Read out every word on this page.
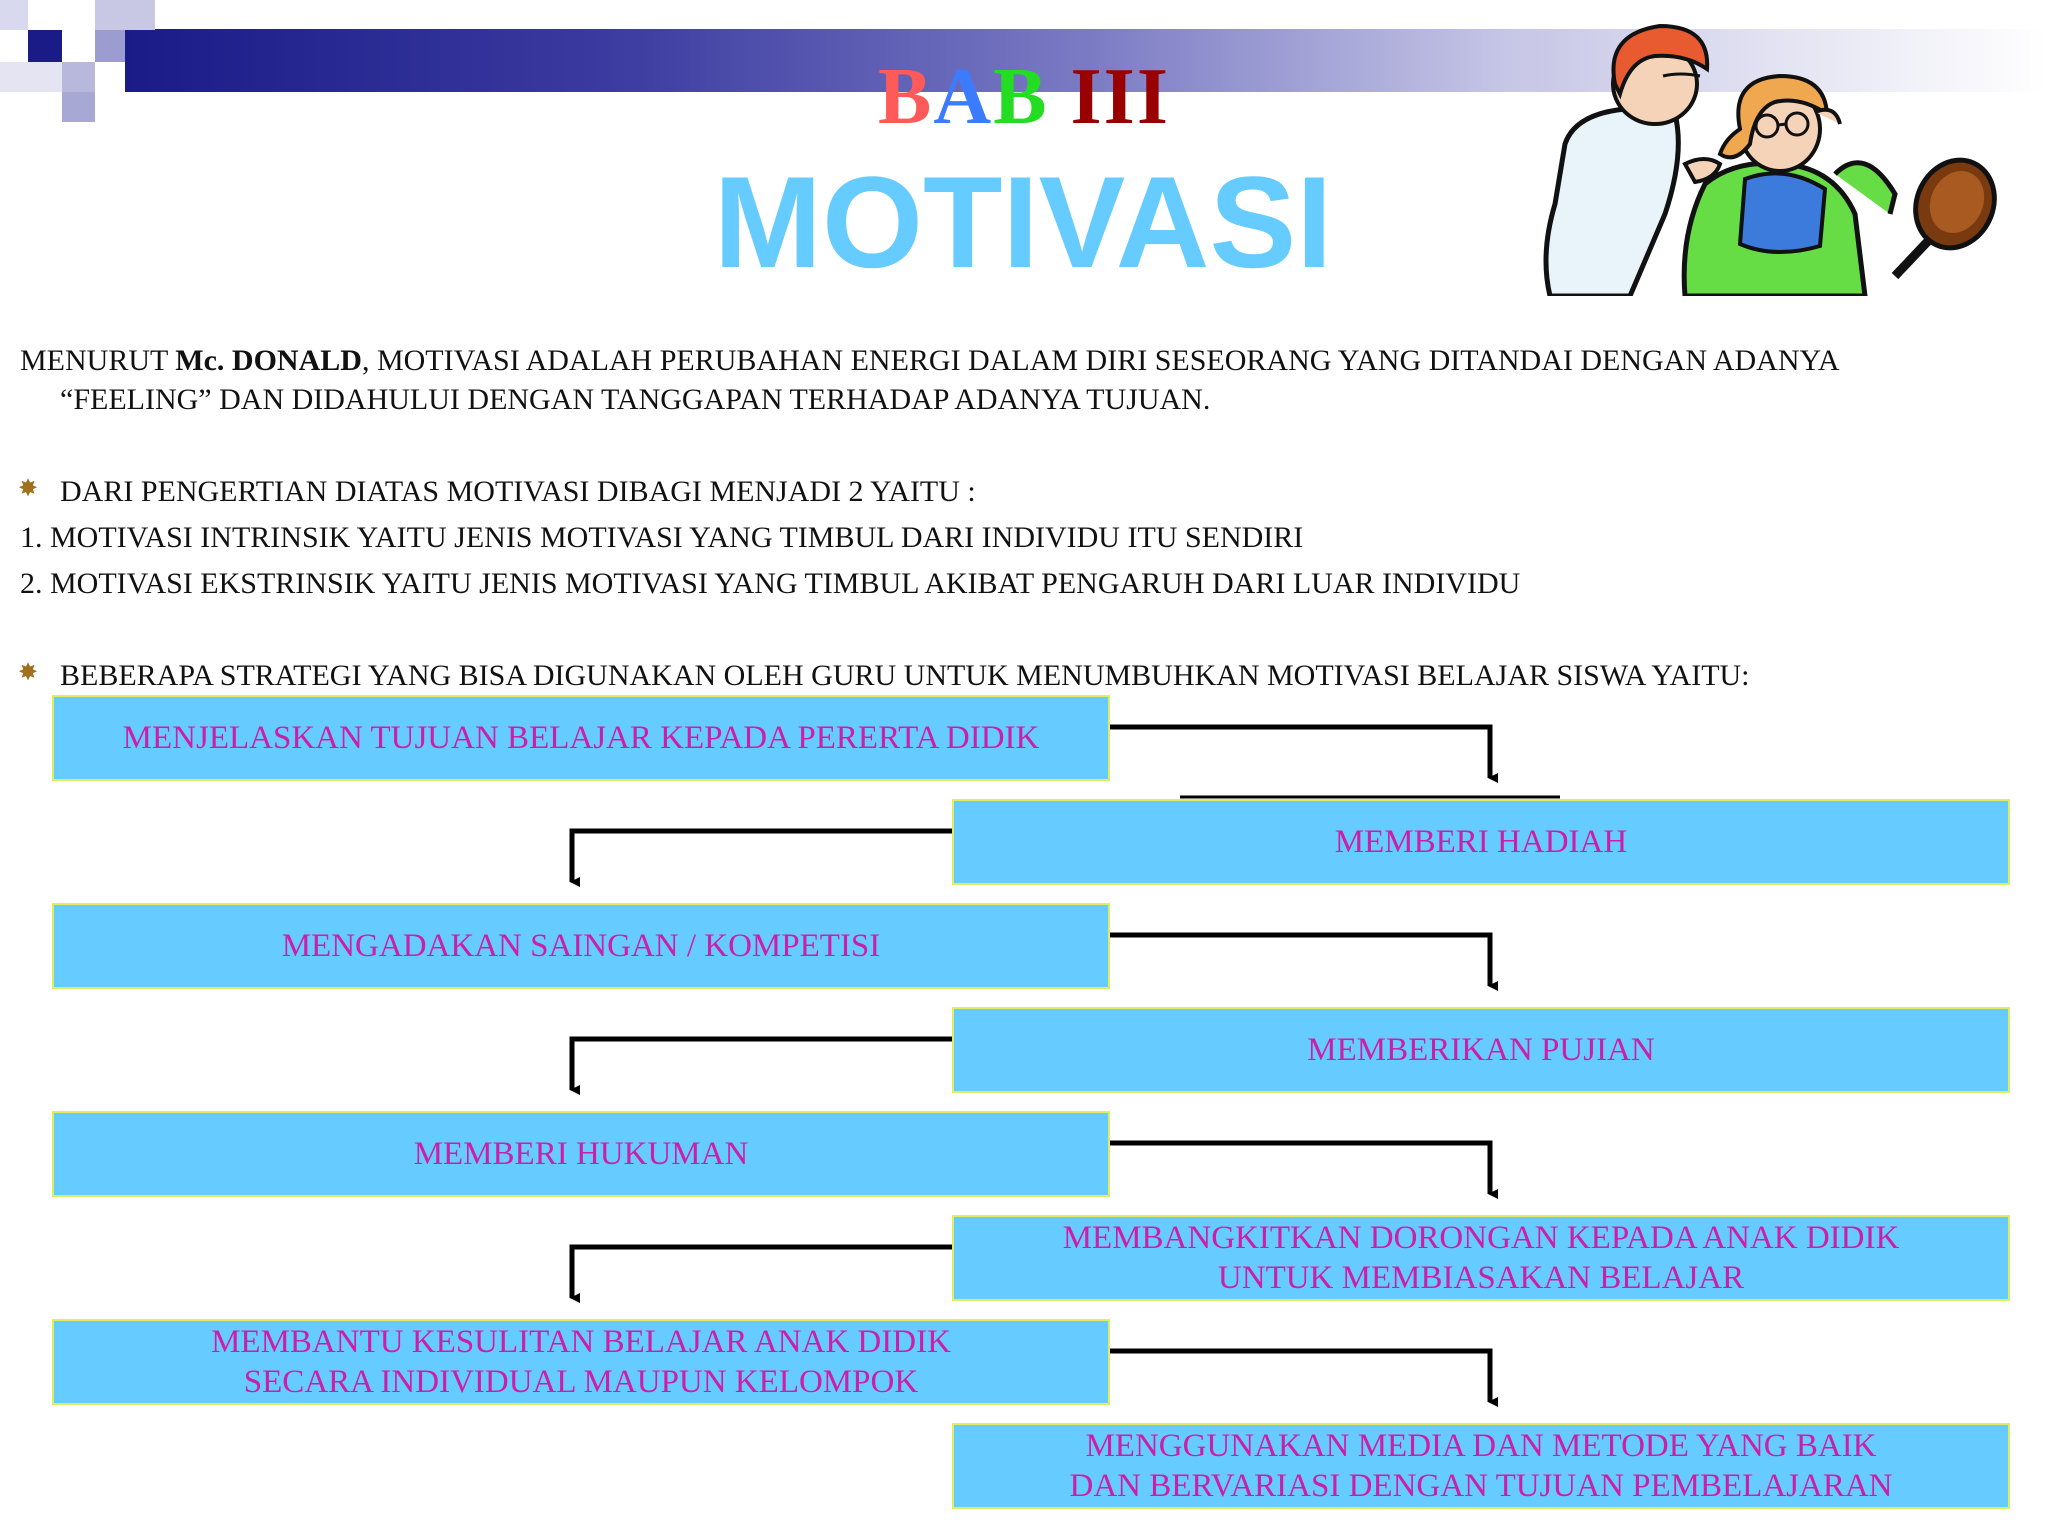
BAB III
MOTIVASI
MENURUT Mc. DONALD, MOTIVASI ADALAH PERUBAHAN ENERGI DALAM DIRI SESEORANG YANG DITANDAI DENGAN ADANYA
“FEELING” DAN DIDAHULUI DENGAN TANGGAPAN TERHADAP ADANYA TUJUAN.
✸ DARI PENGERTIAN DIATAS MOTIVASI DIBAGI MENJADI 2 YAITU :
1. MOTIVASI INTRINSIK YAITU JENIS MOTIVASI YANG TIMBUL DARI INDIVIDU ITU SENDIRI
2. MOTIVASI EKSTRINSIK YAITU JENIS MOTIVASI YANG TIMBUL AKIBAT PENGARUH DARI LUAR INDIVIDU
✸ BEBERAPA STRATEGI YANG BISA DIGUNAKAN OLEH GURU UNTUK MENUMBUHKAN MOTIVASI BELAJAR SISWA YAITU:
MENJELASKAN TUJUAN BELAJAR KEPADA PERERTA DIDIK
MEMBERI HADIAH
MENGADAKAN SAINGAN / KOMPETISI
MEMBERIKAN PUJIAN
MEMBERI HUKUMAN
MEMBANGKITKAN DORONGAN KEPADA ANAK DIDIK
UNTUK MEMBIASAKAN BELAJAR
MEMBANTU KESULITAN BELAJAR ANAK DIDIK
SECARA INDIVIDUAL MAUPUN KELOMPOK
MENGGUNAKAN MEDIA DAN METODE YANG BAIK
DAN BERVARIASI DENGAN TUJUAN PEMBELAJARAN
